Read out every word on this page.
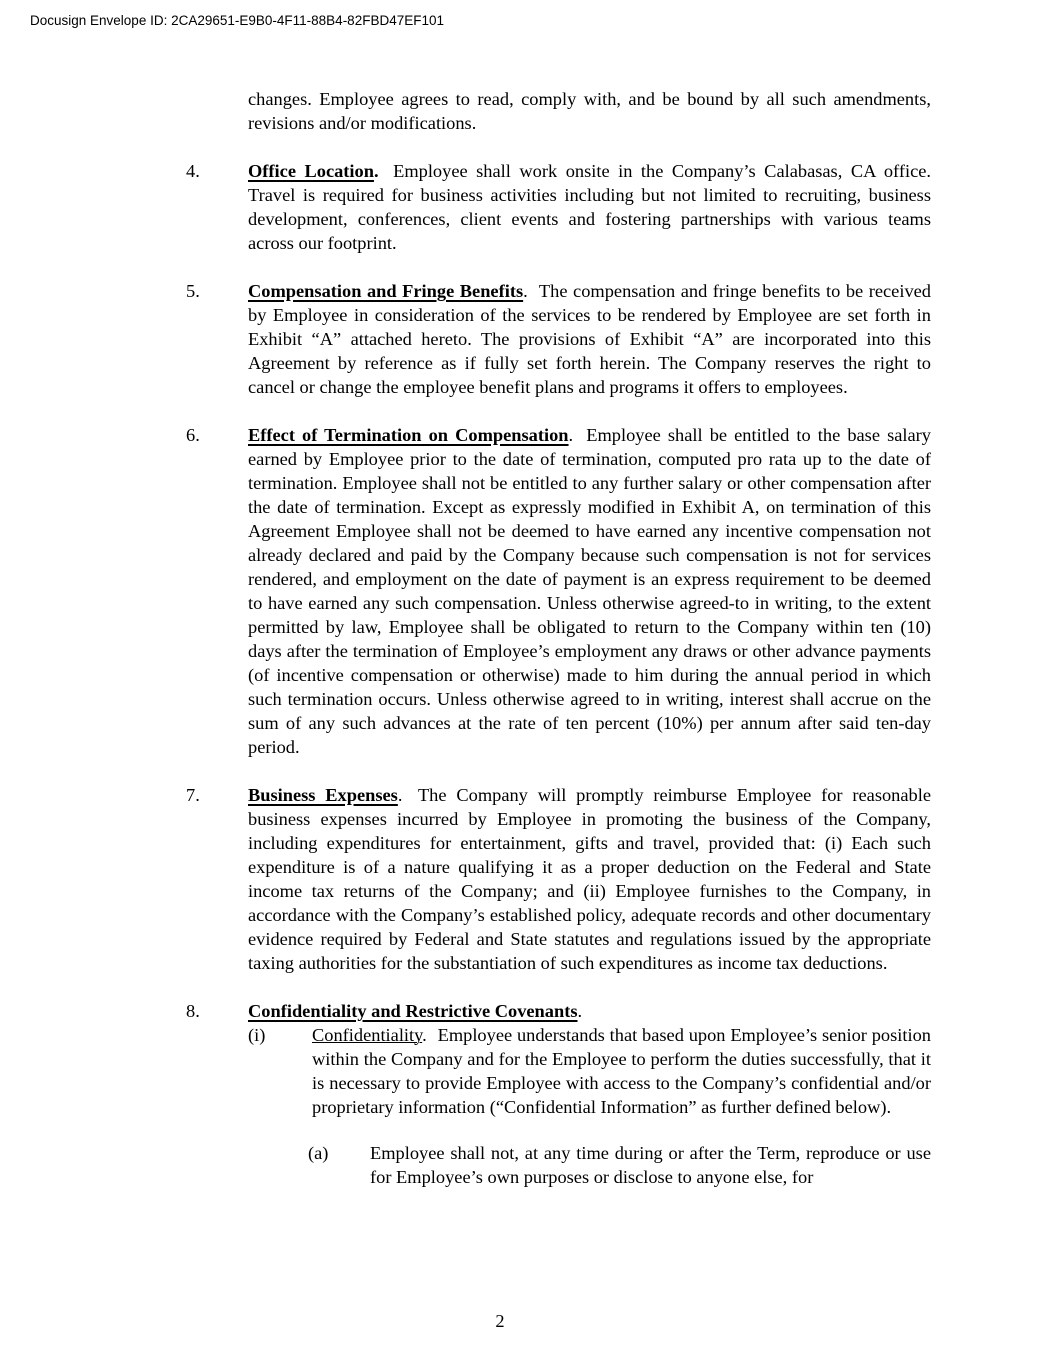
Docusign Envelope ID: 2CA29651-E9B0-4F11-88B4-82FBD47EF101

changes. Employee agrees to read, comply with, and be bound by all such amendments, revisions and/or modifications.

4.	Office Location. Employee shall work onsite in the Company’s Calabasas, CA office. Travel is required for business activities including but not limited to recruiting, business development, conferences, client events and fostering partnerships with various teams across our footprint.
5.	Compensation and Fringe Benefits. The compensation and fringe benefits to be received by Employee in consideration of the services to be rendered by Employee are set forth in Exhibit “A” attached hereto. The provisions of Exhibit “A” are incorporated into this Agreement by reference as if fully set forth herein. The Company reserves the right to cancel or change the employee benefit plans and programs it offers to employees.
6.	Effect of Termination on Compensation. Employee shall be entitled to the base salary earned by Employee prior to the date of termination, computed pro rata up to the date of termination. Employee shall not be entitled to any further salary or other compensation after the date of termination. Except as expressly modified in Exhibit A, on termination of this Agreement Employee shall not be deemed to have earned any incentive compensation not already declared and paid by the Company because such compensation is not for services rendered, and employment on the date of payment is an express requirement to be deemed to have earned any such compensation. Unless otherwise agreed-to in writing, to the extent permitted by law, Employee shall be obligated to return to the Company within ten (10) days after the termination of Employee’s employment any draws or other advance payments (of incentive compensation or otherwise) made to him during the annual period in which such termination occurs. Unless otherwise agreed to in writing, interest shall accrue on the sum of any such advances at the rate of ten percent (10%) per annum after said ten-day period.
7.	Business Expenses. The Company will promptly reimburse Employee for reasonable business expenses incurred by Employee in promoting the business of the Company, including expenditures for entertainment, gifts and travel, provided that: (i) Each such expenditure is of a nature qualifying it as a proper deduction on the Federal and State income tax returns of the Company; and (ii) Employee furnishes to the Company, in accordance with the Company’s established policy, adequate records and other documentary evidence required by Federal and State statutes and regulations issued by the appropriate taxing authorities for the substantiation of such expenditures as income tax deductions.
8.	Confidentiality and Restrictive Covenants.
(i)	Confidentiality. Employee understands that based upon Employee’s senior position within the Company and for the Employee to perform the duties successfully, that it is necessary to provide Employee with access to the Company’s confidential and/or proprietary information (“Confidential Information” as further defined below).
(a) Employee shall not, at any time during or after the Term, reproduce or use for Employee’s own purposes or disclose to anyone else, for
2
